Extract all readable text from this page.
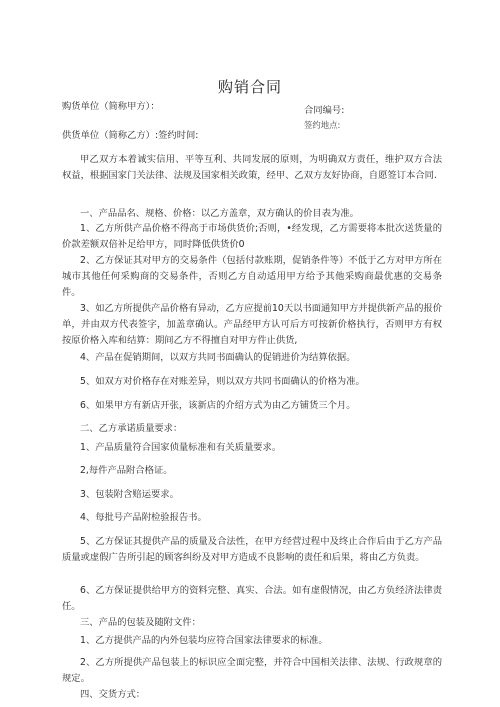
购销合同
购货单位（简称甲方）：	合同编号:
签约地点:
供货单位（简称乙方）:签约时间:
甲乙双方本着诚实信用、平等互利、共同发展的原则，为明确双方责任，维护双方合法权益，根据国家门关法律、法规及国家相关政策，经甲、乙双方友好协商，自愿签订本合同.
一、产品品名、规格、价格：以乙方盖章，双方确认的价目表为准。
1、乙方所供产品价格不得高于市场供货价;否则，•经发现，乙方需要将本批次送货量的价款差额双倍补足给甲方，同时降低供货价0
2、乙方保证其对甲方的交易条件（包括付款账期，促销条件等）不低于乙方对甲方所在城市其他任何采购商的交易条件，否则乙方自动适用甲方给予其他采购商最优惠的交易条件。
3、如乙方所提供产品价格有异动，乙方应提前10天以书面通知甲方并提供新产品的报价单，并由双方代表签字，加盖章确认。产品经甲方认可后方可按新价格执行，否则甲方有权按原价格入库和结算：期间乙方不得擅自对甲方件止供货,
4、产品在促销期间，以双方共同书面确认的促销进价为结算依据。
5、如双方对价格存在对账差异，则以双方共同书面确认的价格为准。
6、如果甲方有新店开张，该新店的介绍方式为由乙方铺货三个月。
二、乙方承诺质量要求：
1、产品质量符合国家侦量标准和有关质量要求。
2,每件产品附合格证。
3、包装附含赔运要求。
4、每批号产品附检验报告书。
5、乙方保证其提供产品的质量及合法性，在甲方经营过程中及终止合作后由于乙方产品质量或虚假广告所引起的顾客纠纷及对甲方造成不良影响的责任和后果，将由乙方负责。
6、乙方保证提供给甲方的资料完整、真实、合法。如有虚假情况，由乙方负经济法律责任。
三、产品的包装及随附文件：
1、乙方提供产品的内外包装均应符合国家法律要求的标准。
2、乙方所提供产品包装上的标识应全面完整，并符合中国相关法律、法规、行政规章的规定。
四、交货方式：
